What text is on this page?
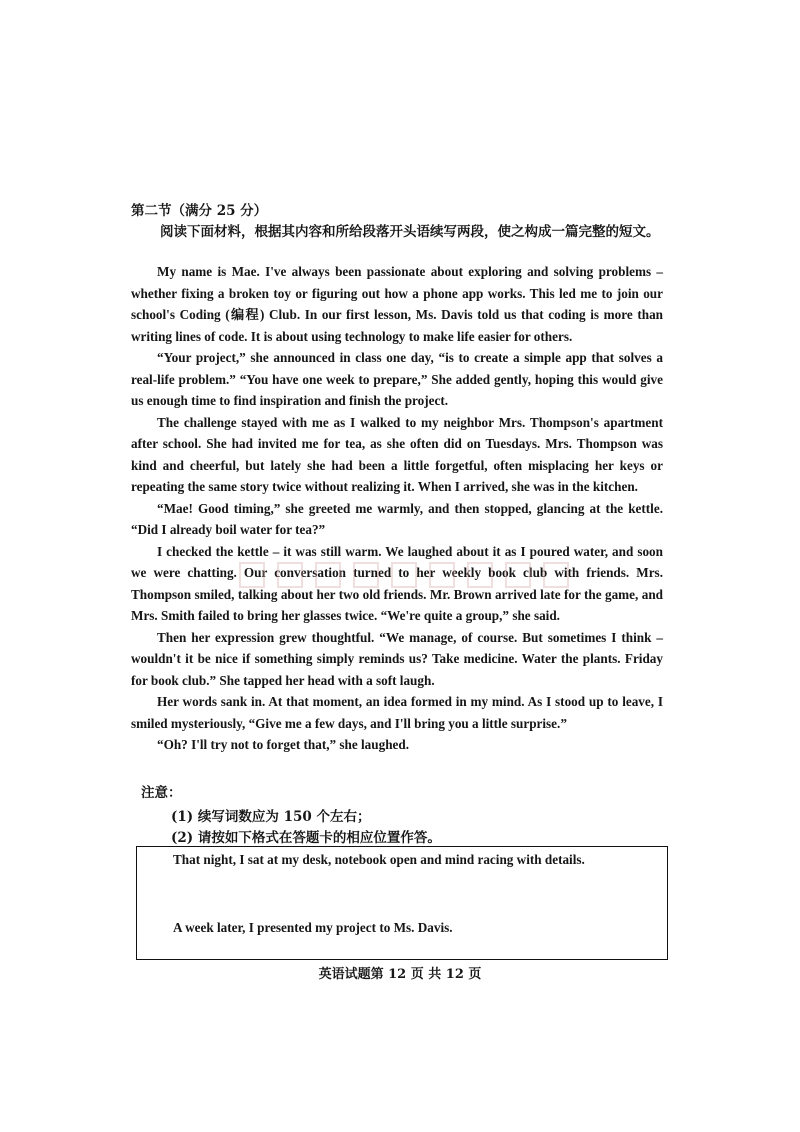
第二节（满分 25 分）
阅读下面材料，根据其内容和所给段落开头语续写两段，使之构成一篇完整的短文。

My name is Mae. I've always been passionate about exploring and solving problems – whether fixing a broken toy or figuring out how a phone app works. This led me to join our school's Coding (编程) Club. In our first lesson, Ms. Davis told us that coding is more than writing lines of code. It is about using technology to make life easier for others.

“Your project,” she announced in class one day, “is to create a simple app that solves a real-life problem.” “You have one week to prepare,” She added gently, hoping this would give us enough time to find inspiration and finish the project.

The challenge stayed with me as I walked to my neighbor Mrs. Thompson's apartment after school. She had invited me for tea, as she often did on Tuesdays. Mrs. Thompson was kind and cheerful, but lately she had been a little forgetful, often misplacing her keys or repeating the same story twice without realizing it. When I arrived, she was in the kitchen.

“Mae! Good timing,” she greeted me warmly, and then stopped, glancing at the kettle. “Did I already boil water for tea?”

I checked the kettle – it was still warm. We laughed about it as I poured water, and soon we were chatting. Our conversation turned to her weekly book club with friends. Mrs. Thompson smiled, talking about her two old friends. Mr. Brown arrived late for the game, and Mrs. Smith failed to bring her glasses twice. “We're quite a group,” she said.

Then her expression grew thoughtful. “We manage, of course. But sometimes I think – wouldn't it be nice if something simply reminds us? Take medicine. Water the plants. Friday for book club.” She tapped her head with a soft laugh.

Her words sank in. At that moment, an idea formed in my mind. As I stood up to leave, I smiled mysteriously, “Give me a few days, and I'll bring you a little surprise.”

“Oh? I'll try not to forget that,” she laughed.

注意：
(1) 续写词数应为 150 个左右；
(2) 请按如下格式在答题卡的相应位置作答。
That night, I sat at my desk, notebook open and mind racing with details.
A week later, I presented my project to Ms. Davis.
英语试题第 12 页 共 12 页
